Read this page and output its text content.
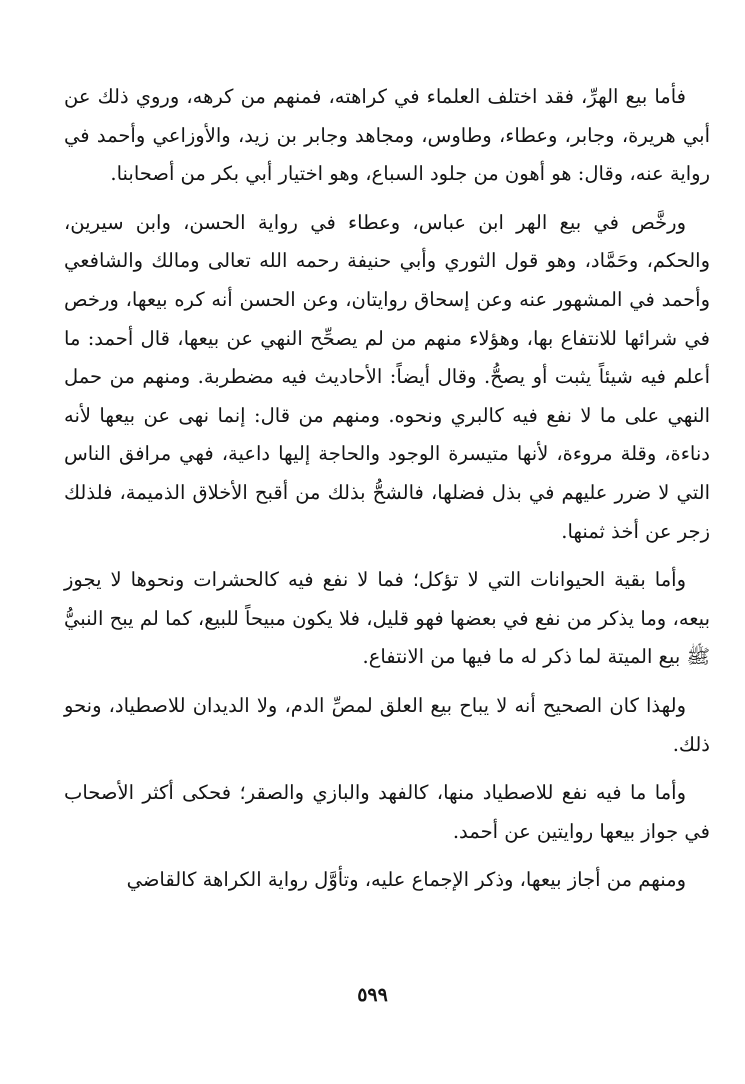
فأما بيع الهرِّ، فقد اختلف العلماء في كراهته، فمنهم من كرهه، وروي ذلك عن أبي هريرة، وجابر، وعطاء، وطاوس، ومجاهد وجابر بن زيد، والأوزاعي وأحمد في رواية عنه، وقال: هو أهون من جلود السباع، وهو اختيار أبي بكر من أصحابنا.

ورخَّص في بيع الهر ابن عباس، وعطاء في رواية الحسن، وابن سيرين، والحكم، وحَمَّاد، وهو قول الثوري وأبي حنيفة رحمه الله تعالى ومالك والشافعي وأحمد في المشهور عنه وعن إسحاق روايتان، وعن الحسن أنه كره بيعها، ورخص في شرائها للانتفاع بها، وهؤلاء منهم من لم يصحِّح النهي عن بيعها، قال أحمد: ما أعلم فيه شيئاً يثبت أو يصحُّ. وقال أيضاً: الأحاديث فيه مضطربة. ومنهم من حمل النهي على ما لا نفع فيه كالبري ونحوه. ومنهم من قال: إنما نهى عن بيعها لأنه دناءة، وقلة مروءة، لأنها متيسرة الوجود والحاجة إليها داعية، فهي مرافق الناس التي لا ضرر عليهم في بذل فضلها، فالشحُّ بذلك من أقبح الأخلاق الذميمة، فلذلك زجر عن أخذ ثمنها.

وأما بقية الحيوانات التي لا تؤكل؛ فما لا نفع فيه كالحشرات ونحوها لا يجوز بيعه، وما يذكر من نفع في بعضها فهو قليل، فلا يكون مبيحاً للبيع، كما لم يبح النبيُّ ﷺ بيع الميتة لما ذكر له ما فيها من الانتفاع.

ولهذا كان الصحيح أنه لا يباح بيع العلق لمصِّ الدم، ولا الديدان للاصطياد، ونحو ذلك.

وأما ما فيه نفع للاصطياد منها، كالفهد والبازي والصقر؛ فحكى أكثر الأصحاب في جواز بيعها روايتين عن أحمد.

ومنهم من أجاز بيعها، وذكر الإجماع عليه، وتأوَّل رواية الكراهة كالقاضي

٥٩٩
